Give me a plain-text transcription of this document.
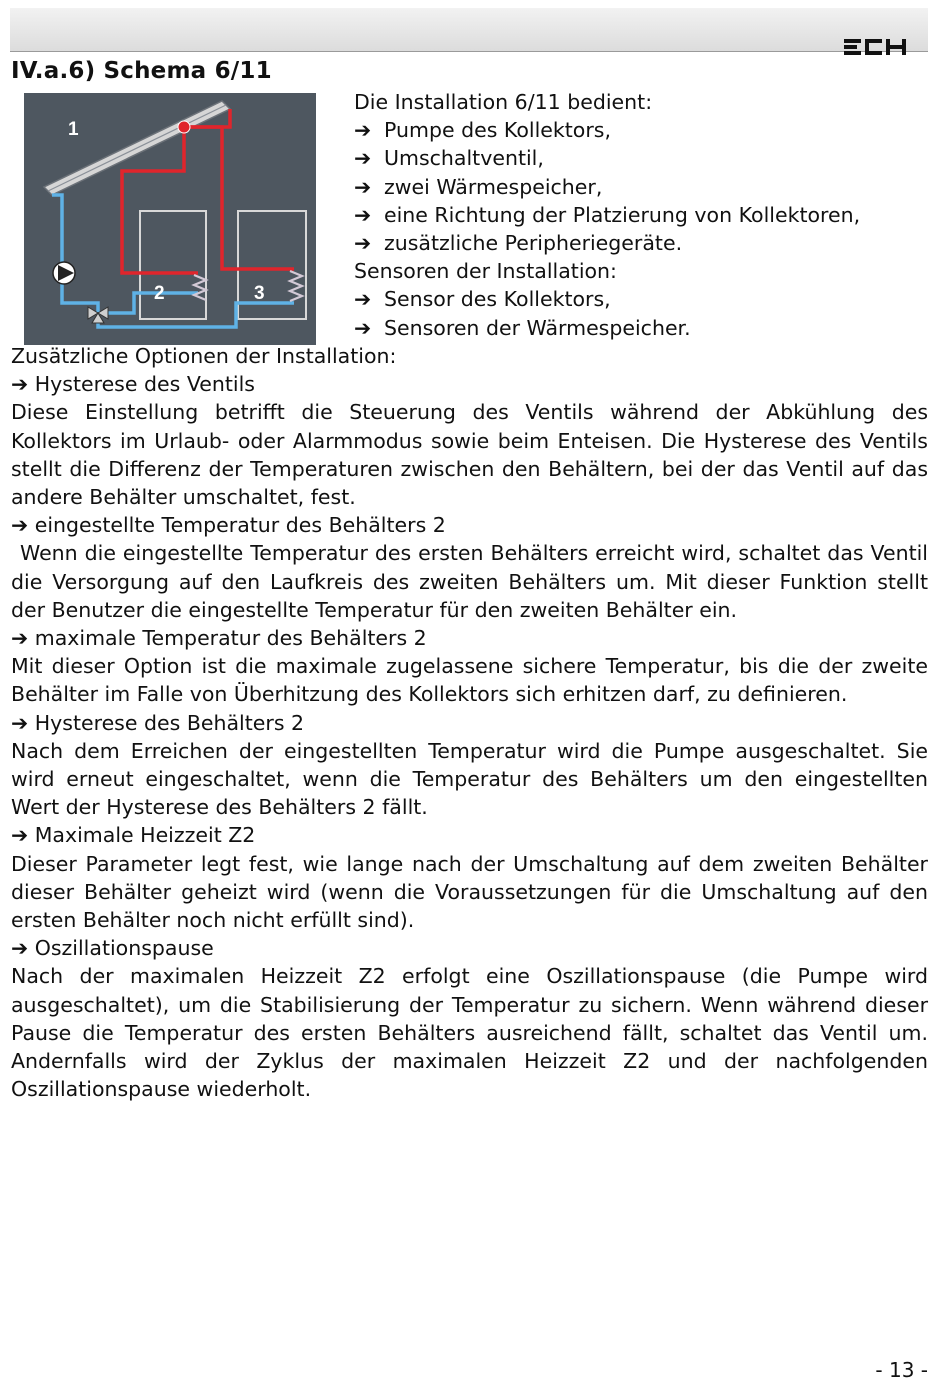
IV.a.6) Schema 6/11
1
2	3
Die Installation 6/11 bedient:
➔ Pumpe des Kollektors,
➔ Umschaltventil,
➔ zwei Wärmespeicher,
➔ eine Richtung der Platzierung von Kollektoren,
➔ zusätzliche Peripheriegeräte.
Sensoren der Installation:
➔ Sensor des Kollektors,
➔ Sensoren der Wärmespeicher.
Zusätzliche Optionen der Installation:
➔ Hysterese des Ventils
Diese Einstellung betrifft die Steuerung des Ventils während der Abkühlung des Kollektors im Urlaub- oder Alarmmodus sowie beim Enteisen. Die Hysterese des Ventils stellt die Differenz der Temperaturen zwischen den Behältern, bei der das Ventil auf das andere Behälter umschaltet, fest.
➔ eingestellte Temperatur des Behälters 2
Wenn die eingestellte Temperatur des ersten Behälters erreicht wird, schaltet das Ventil die Versorgung auf den Laufkreis des zweiten Behälters um. Mit dieser Funktion stellt der Benutzer die eingestellte Temperatur für den zweiten Behälter ein.
➔ maximale Temperatur des Behälters 2
Mit dieser Option ist die maximale zugelassene sichere Temperatur, bis die der zweite Behälter im Falle von Überhitzung des Kollektors sich erhitzen darf, zu definieren.
➔ Hysterese des Behälters 2
Nach dem Erreichen der eingestellten Temperatur wird die Pumpe ausgeschaltet. Sie wird erneut eingeschaltet, wenn die Temperatur des Behälters um den eingestellten Wert der Hysterese des Behälters 2 fällt.
➔ Maximale Heizzeit Z2
Dieser Parameter legt fest, wie lange nach der Umschaltung auf dem zweiten Behälter dieser Behälter geheizt wird (wenn die Voraussetzungen für die Umschaltung auf den ersten Behälter noch nicht erfüllt sind).
➔ Oszillationspause
Nach der maximalen Heizzeit Z2 erfolgt eine Oszillationspause (die Pumpe wird ausgeschaltet), um die Stabilisierung der Temperatur zu sichern. Wenn während dieser Pause die Temperatur des ersten Behälters ausreichend fällt, schaltet das Ventil um. Andernfalls wird der Zyklus der maximalen Heizzeit Z2 und der nachfolgenden Oszillationspause wiederholt.
- 13 -
